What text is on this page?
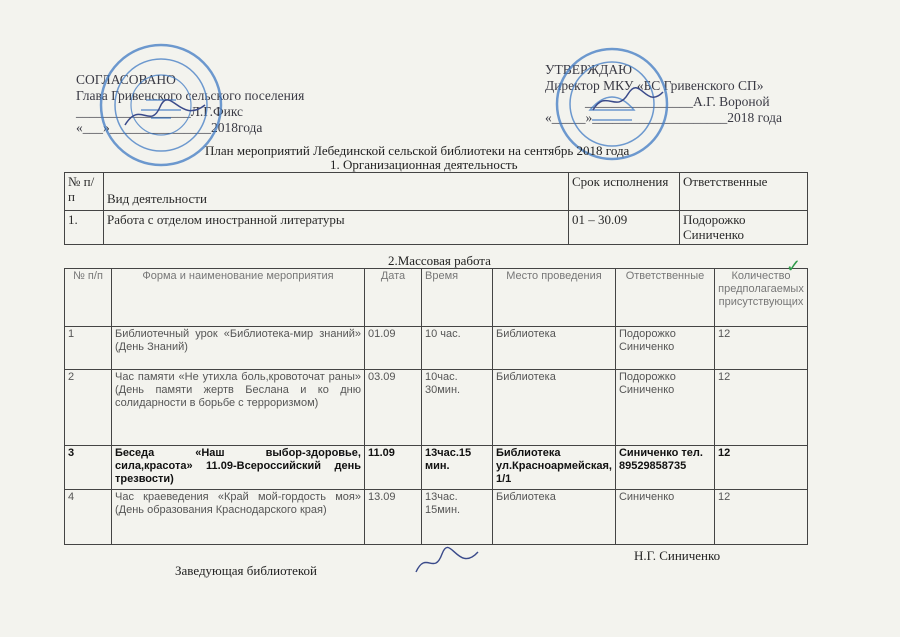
СОГЛАСОВАНО
Глава Гривенского сельского поселения
_________________Л.Г.Фикс
«___»_______________2018года
УТВЕРЖДАЮ
Директор МКУ «БС Гривенского СП»
________________А.Г. Вороной
«_____»____________________2018 года
План мероприятий Лебединской сельской библиотеки на сентябрь 2018 года
1. Организационная деятельность
№ п/п	Вид деятельности	Срок исполнения	Ответственные
1.	Работа с отделом иностранной литературы	01 – 30.09	Подорожко Синиченко
2.Массовая работа
№ п/п	Форма и наименование мероприятия	Дата	Время	Место проведения	Ответственные	Количество предполагаемых присутствующих
1	Библиотечный урок «Библиотека-мир знаний» (День Знаний)	01.09	10 час.	Библиотека	Подорожко Синиченко	12
2	Час памяти «Не утихла боль,кровоточат раны» (День памяти жертв Беслана и ко дню солидарности в борьбе с терроризмом)	03.09	10час. 30мин.	Библиотека	Подорожко Синиченко	12
3	Беседа «Наш выбор-здоровье, сила,красота» 11.09-Всероссийский день трезвости)	11.09	13час.15 мин.	Библиотека ул.Красноармейская, 1/1	Синиченко тел. 89529858735	12
4	Час краеведения «Край мой-гордость моя» (День образования Краснодарского края)	13.09	13час. 15мин.	Библиотека	Синиченко	12
Заведующая библиотекой
Н.Г. Синиченко
✓
